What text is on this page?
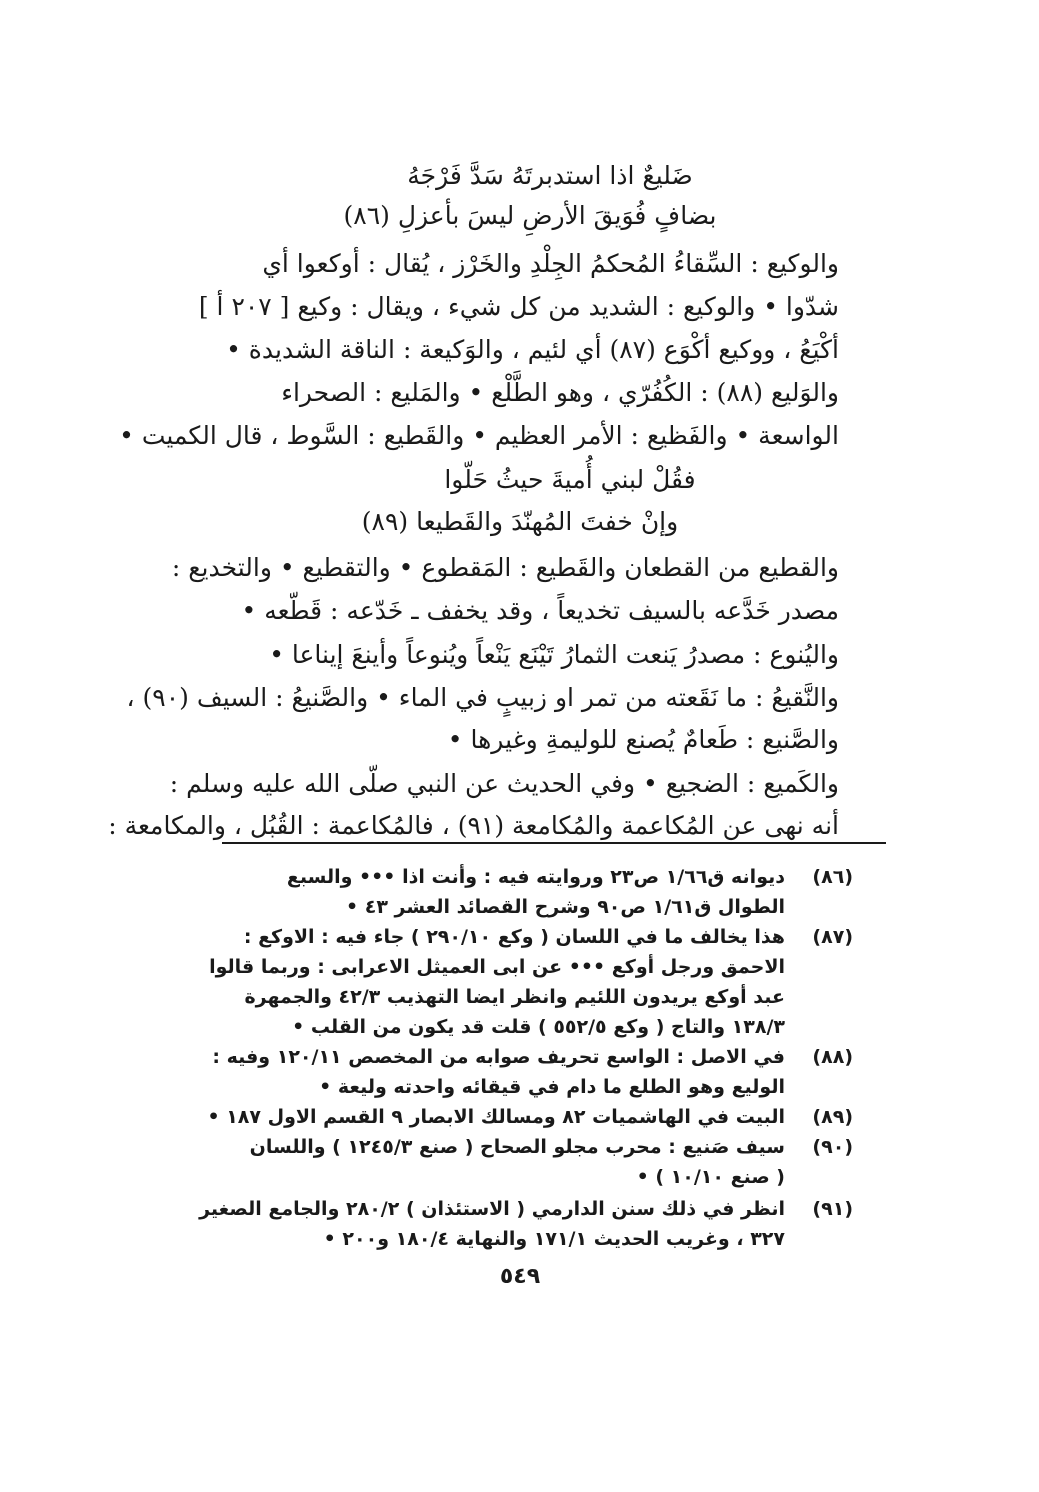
ضَليعٌ اذا استدبرتَهُ سَدَّ فَرْجَهُ
بضافٍ فُوَيقَ الأرضِ ليسَ بأعزلِ (٨٦)
والوكيع : السِّقاءُ المُحكمُ الجِلْدِ والخَرْز ، يُقال : أوكعوا أي
شدّوا • والوكيع : الشديد من كل شيء ، ويقال : وكيع [ ٢٠٧ أ ]
أكْيَعُ ، ووكيع أكْوَع (٨٧) أي لئيم ، والوَكيعة : الناقة الشديدة •
والوَليع (٨٨) : الكُفُرّي ، وهو الطَّلْع • والمَليع : الصحراء
الواسعة • والفَظيع : الأمر العظيم • والقَطيع : السَّوط ، قال الكميت •
فقُلْ لبني أُميةَ حيثُ حَلّوا
وإنْ خفتَ المُهنّدَ والقَطيعا (٨٩)
والقطيع من القطعان والقَطيع : المَقطوع • والتقطيع • والتخديع :
مصدر خَدَّعه بالسيف تخديعاً ، وقد يخفف ـ خَدّعه : قَطّعه •
واليُنوع : مصدرُ يَنعت الثمارُ تَيْنَع يَنْعاً ويُنوعاً وأينعَ إيناعا •
والنَّقيعُ : ما نَقَعته من تمر او زبيبٍ في الماء • والصَّنيعُ : السيف (٩٠) ،
والصَّنيع : طَعامٌ يُصنع للوليمةِ وغيرها •
والكَميع : الضجيع • وفي الحديث عن النبي صلّى الله عليه وسلم :
أنه نهى عن المُكاعمة والمُكامعة (٩١) ، فالمُكاعمة : القُبُل ، والمكامعة :
(٨٦)
ديوانه ق١/٦٦ ص٢٣ وروايته فيه : وأنت اذا ••• والسبع
الطوال ق١/٦١ ص٩٠ وشرح القصائد العشر ٤٣ •
(٨٧)
هذا يخالف ما في اللسان ( وكع ٢٩٠/١٠ ) جاء فيه : الاوكع :
الاحمق ورجل أوكع ••• عن ابى العميثل الاعرابى : وربما قالوا
عبد أوكع يريدون اللئيم وانظر ايضا التهذيب ٤٢/٣ والجمهرة
١٣٨/٣ والتاج ( وكع ٥٥٢/٥ ) قلت قد يكون من القلب •
(٨٨)
في الاصل : الواسع تحريف صوابه من المخصص ١٢٠/١١ وفيه :
الوليع وهو الطلع ما دام في قيقائه واحدته وليعة •
(٨٩)
البيت في الهاشميات ٨٢ ومسالك الابصار ٩ القسم الاول ١٨٧ •
(٩٠)
سيف صَنيع : محرب مجلو الصحاح ( صنع ١٢٤٥/٣ ) واللسان
( صنع ١٠/١٠ ) •
(٩١)
انظر في ذلك سنن الدارمي ( الاستئذان ) ٢٨٠/٢ والجامع الصغير
٣٢٧ ، وغريب الحديث ١٧١/١ والنهاية ١٨٠/٤ و٢٠٠ •
٥٤٩
